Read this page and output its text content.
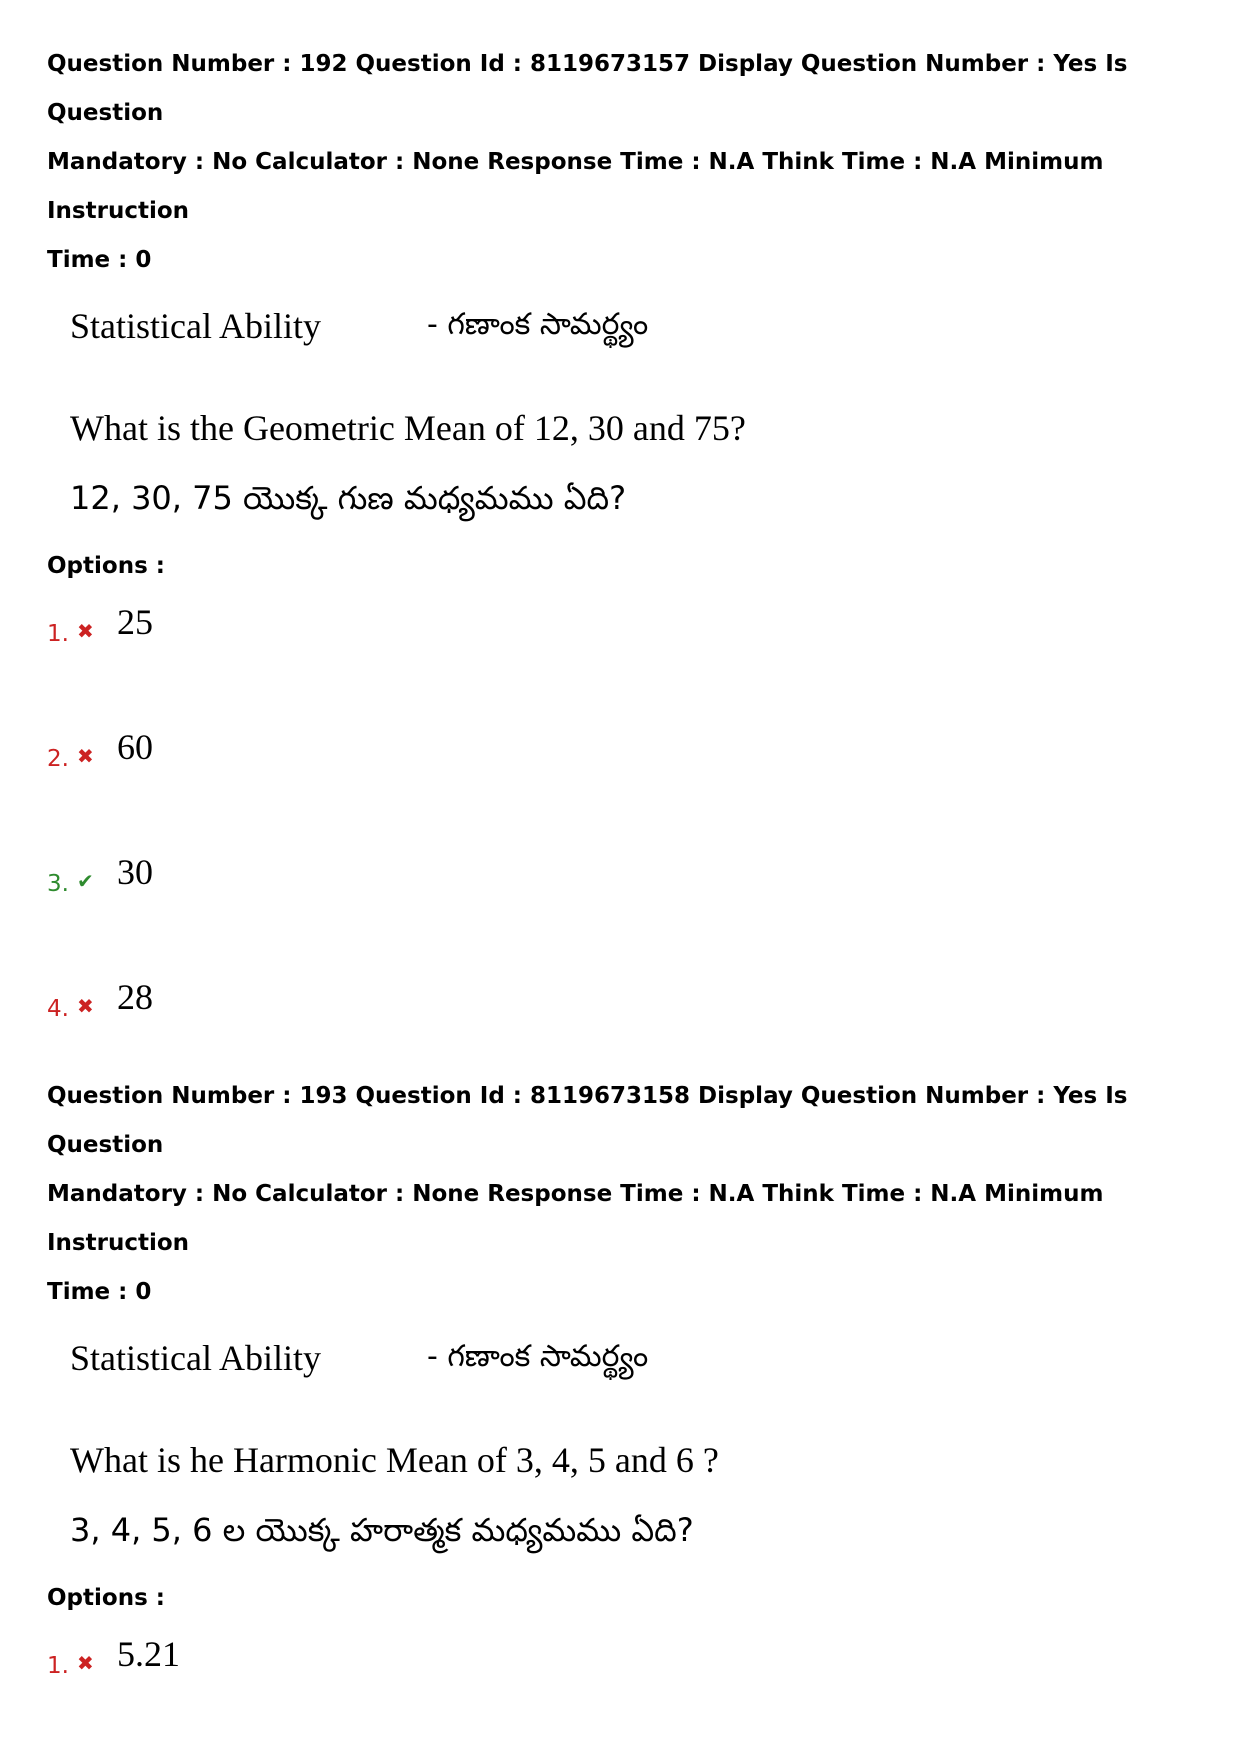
Question Number : 192 Question Id : 8119673157 Display Question Number : Yes Is Question

Mandatory : No Calculator : None Response Time : N.A Think Time : N.A Minimum Instruction

Time : 0

Statistical Ability	- గణాంక సామర్థ్యం

What is the Geometric Mean of 12, 30 and 75?

12, 30, 75 యొక్క గుణ మధ్యమము ఏది?

Options :

1. ✖ 25
2. ✖ 60
3. ✔ 30
4. ✖ 28

Question Number : 193 Question Id : 8119673158 Display Question Number : Yes Is Question

Mandatory : No Calculator : None Response Time : N.A Think Time : N.A Minimum Instruction

Time : 0

Statistical Ability	- గణాంక సామర్థ్యం

What is he Harmonic Mean of 3, 4, 5 and 6 ?

3, 4, 5, 6 ల యొక్క హరాత్మక మధ్యమము ఏది?

Options :

1. ✖ 5.21
